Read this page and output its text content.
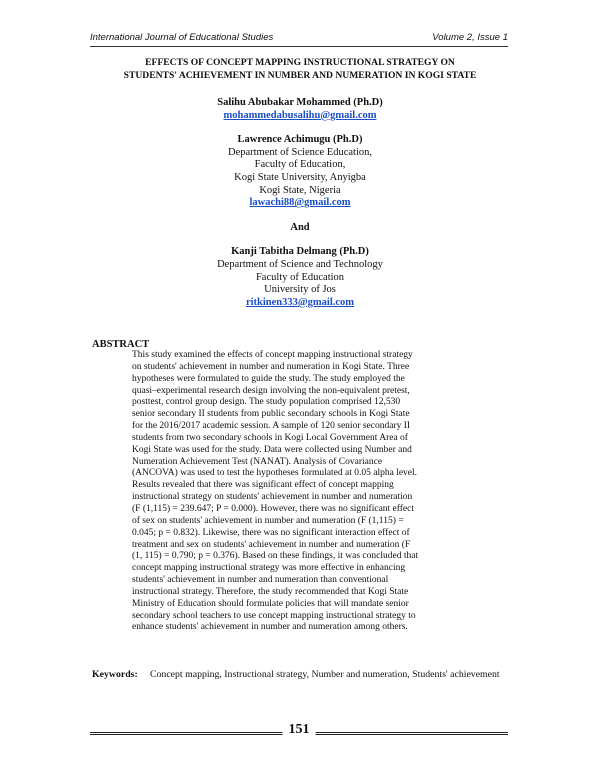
International Journal of Educational Studies	Volume 2, Issue 1
EFFECTS OF CONCEPT MAPPING INSTRUCTIONAL STRATEGY ON
STUDENTS' ACHIEVEMENT IN NUMBER AND NUMERATION IN KOGI STATE
Salihu Abubakar Mohammed (Ph.D)
mohammedabusalihu@gmail.com
Lawrence Achimugu (Ph.D)
Department of Science Education,
Faculty of Education,
Kogi State University, Anyigba
Kogi State, Nigeria
lawachi88@gmail.com
And
Kanji Tabitha Delmang (Ph.D)
Department of Science and Technology
Faculty of Education
University of Jos
ritkinen333@gmail.com
ABSTRACT
This study examined the effects of concept mapping instructional strategy
on students' achievement in number and numeration in Kogi State. Three
hypotheses were formulated to guide the study. The study employed the
quasi–experimental research design involving the non-equivalent pretest,
posttest, control group design. The study population comprised 12,530
senior secondary II students from public secondary schools in Kogi State
for the 2016/2017 academic session. A sample of 120 senior secondary II
students from two secondary schools in Kogi Local Government Area of
Kogi State was used for the study. Data were collected using Number and
Numeration Achievement Test (NANAT). Analysis of Covariance
(ANCOVA) was used to test the hypotheses formulated at 0.05 alpha level.
Results revealed that there was significant effect of concept mapping
instructional strategy on students' achievement in number and numeration
(F (1,115) = 239.647; P = 0.000). However, there was no significant effect
of sex on students' achievement in number and numeration (F (1,115) =
0.045; p = 0.832). Likewise, there was no significant interaction effect of
treatment and sex on students' achievement in number and numeration (F
(1, 115) = 0.790; p = 0.376). Based on these findings, it was concluded that
concept mapping instructional strategy was more effective in enhancing
students' achievement in number and numeration than conventional
instructional strategy. Therefore, the study recommended that Kogi State
Ministry of Education should formulate policies that will mandate senior
secondary school teachers to use concept mapping instructional strategy to
enhance students' achievement in number and numeration among others.
Keywords: Concept mapping, Instructional strategy, Number and numeration, Students' achievement
151
